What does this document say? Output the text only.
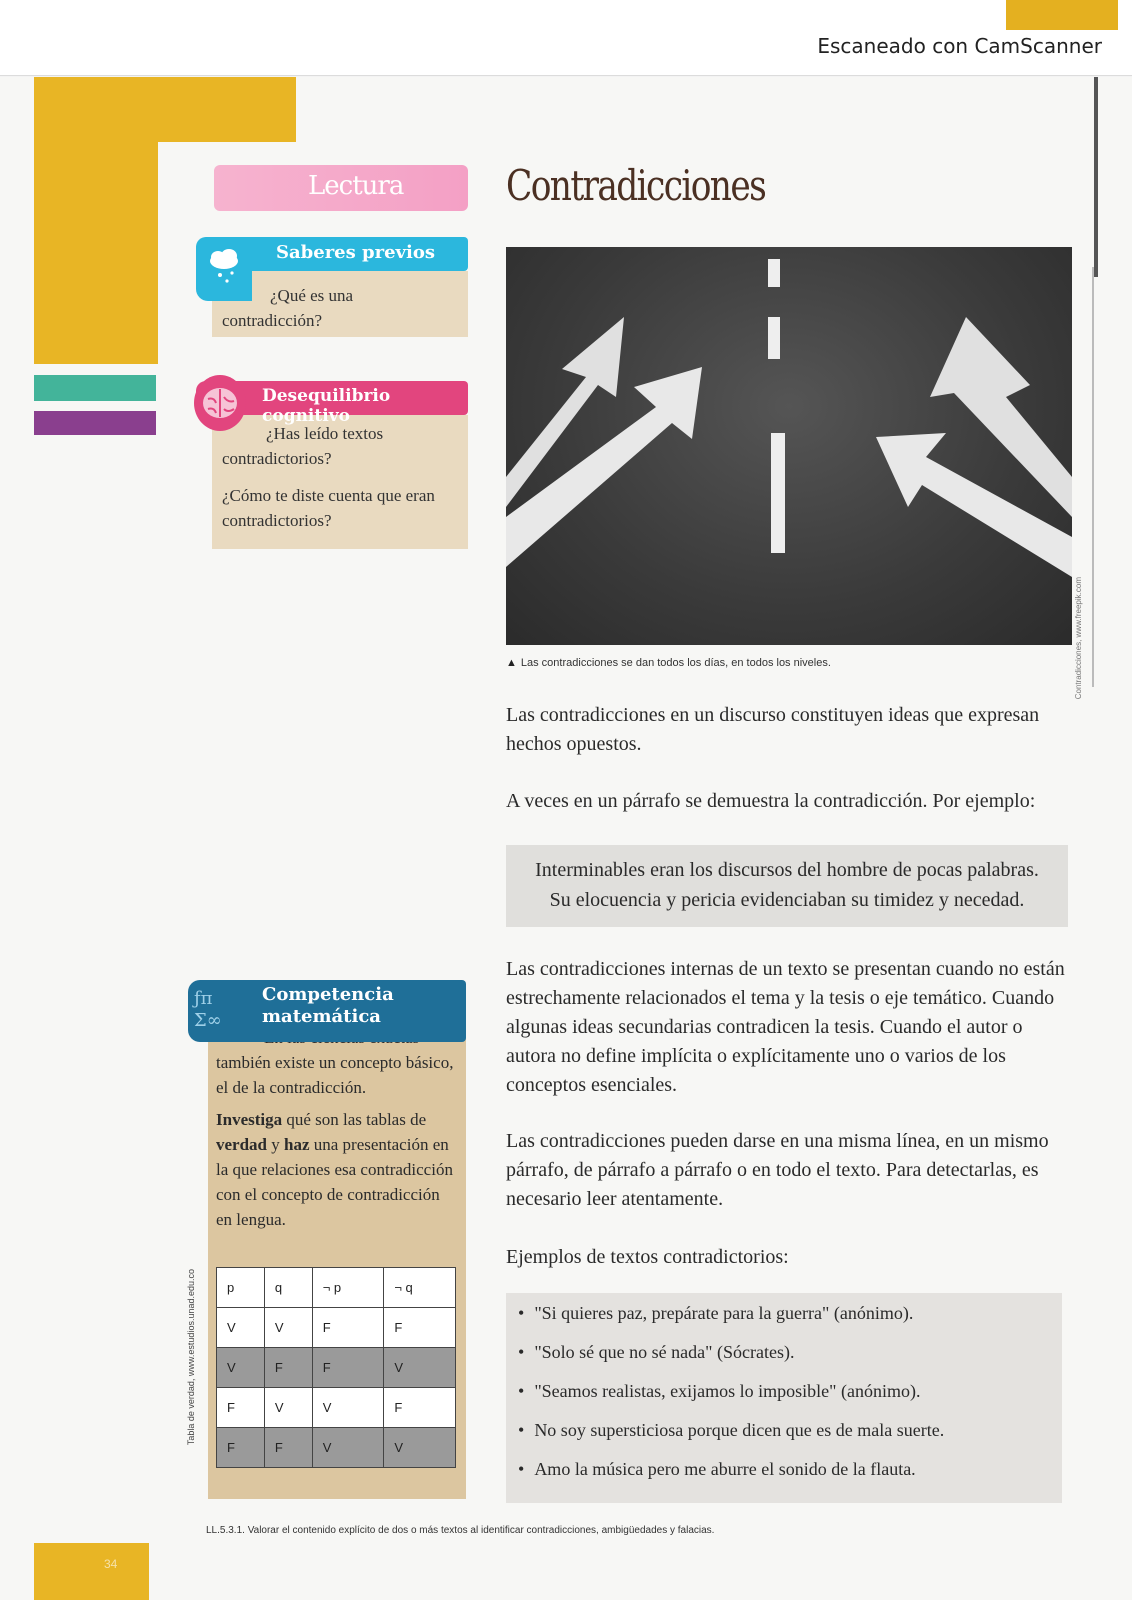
Escaneado con CamScanner
34
Lectura Contradicciones

¿Qué es una contradicción?

Saberes previos

¿Has leído textos contradictorios?

¿Cómo te diste cuenta que eran contradictorios?

Desequilibrio cognitivo
Contradicciones, www.freepik.com
▲ Las contradicciones se dan todos los días, en todos los niveles.
Las contradicciones en un discurso constituyen ideas que expresan hechos opuestos.
A veces en un párrafo se demuestra la contradicción. Por ejemplo:

Interminables eran los discursos del hombre de pocas palabras.

Su elocuencia y pericia evidenciaban su timidez y necedad.

Las contradicciones internas de un texto se presentan cuando no están estrechamente relacionados el tema y la tesis o eje temático. Cuando algunas ideas secundarias contradicen la tesis. Cuando el autor o autora no define implícita o explícitamente uno o varios de los conceptos esenciales.
Las contradicciones pueden darse en una misma línea, en un mismo párrafo, de párrafo a párrafo o en todo el texto. Para detectarlas, es necesario leer atentamente.
Ejemplos de textos contradictorios:
• "Si quieres paz, prepárate para la guerra" (anónimo).
• "Solo sé que no sé nada" (Sócrates).
• "Seamos realistas, exijamos lo imposible" (anónimo).
• No soy supersticiosa porque dicen que es de mala suerte.
• Amo la música pero me aburre el sonido de la flauta.

también existe un concepto básico, el de la contradicción.

Investiga qué son las tablas de verdad y haz una presentación en la que relaciones esa contradicción con el concepto de contradicción en lengua.

ƒπ
Σ∞
Competencia
matemática
Tabla de verdad, www.estudios.unad.edu.co p	q	¬ p	¬ q
V	V	F	F
V	F	F	V
F	V	V	F
F	F	V	V
LL.5.3.1. Valorar el contenido explícito de dos o más textos al identificar contradicciones, ambigüedades y falacias.
